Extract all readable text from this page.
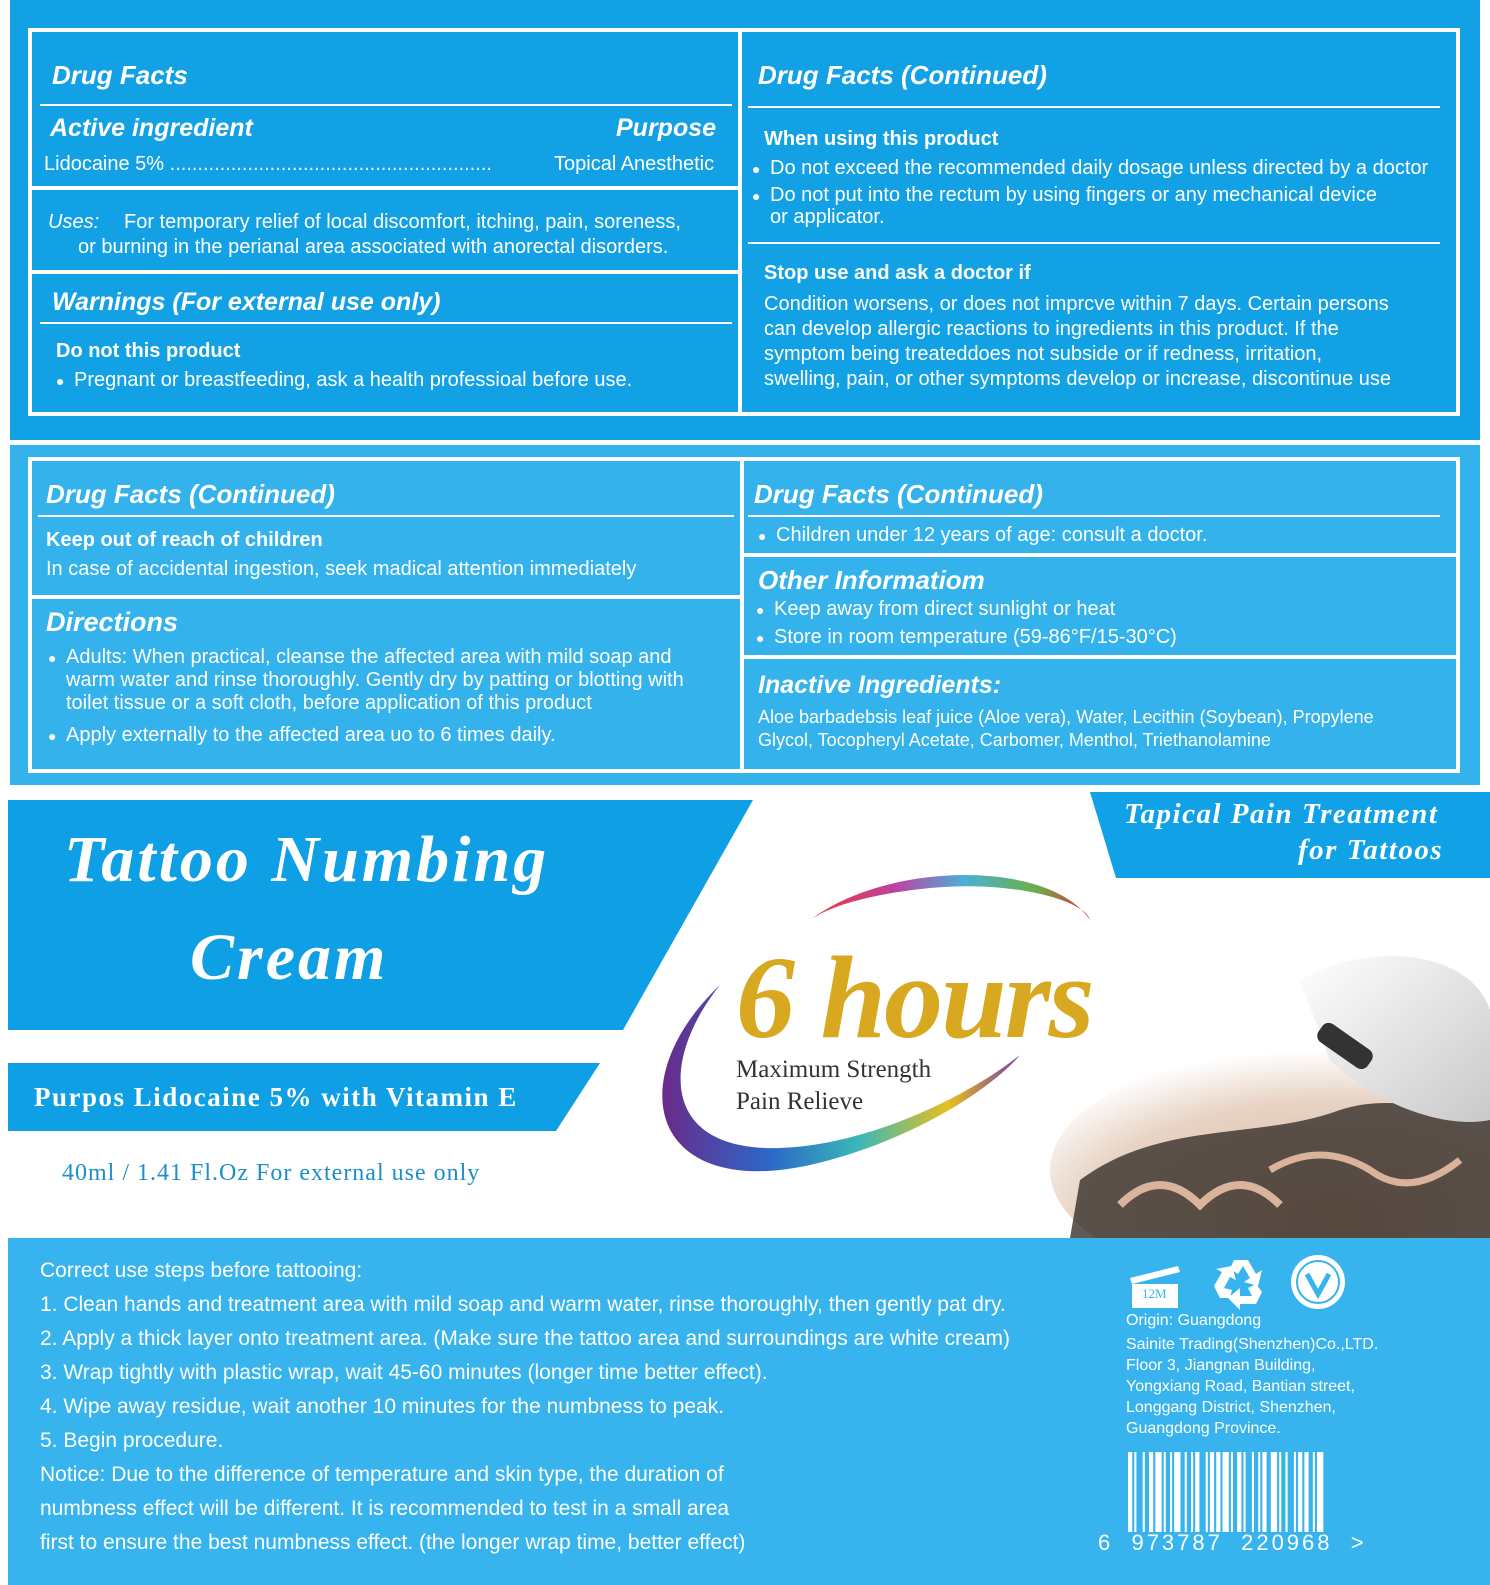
Drug Facts
Active ingredient	Purpose
Lidocaine 5% ..........................................................	Topical Anesthetic
Uses: For temporary relief of local discomfort, itching, pain, soreness,
or burning in the perianal area associated with anorectal disorders.
Warnings (For external use only)
Do not this product
● Pregnant or breastfeeding, ask a health professioal before use.
Drug Facts (Continued)
When using this product
● Do not exceed the recommended daily dosage unless directed by a doctor
● Do not put into the rectum by using fingers or any mechanical device
or applicator.
Stop use and ask a doctor if
Condition worsens, or does not imprcve within 7 days. Certain persons
can develop allergic reactions to ingredients in this product. If the
symptom being treateddoes not subside or if redness, irritation,
swelling, pain, or other symptoms develop or increase, discontinue use
Drug Facts (Continued)
Keep out of reach of children
In case of accidental ingestion, seek madical attention immediately
Directions
● Adults: When practical, cleanse the affected area with mild soap and
warm water and rinse thoroughly. Gently dry by patting or blotting with
toilet tissue or a soft cloth, before application of this product
● Apply externally to the affected area uo to 6 times daily.
Drug Facts (Continued)
● Children under 12 years of age: consult a doctor.
Other Informatiom
● Keep away from direct sunlight or heat
● Store in room temperature (59-86°F/15-30°C)
Inactive Ingredients:
Aloe barbadebsis leaf juice (Aloe vera), Water, Lecithin (Soybean), Propylene
Glycol, Tocopheryl Acetate, Carbomer, Menthol, Triethanolamine
Tattoo Numbing
Cream
Tapical Pain Treatment
for Tattoos
Purpos Lidocaine 5% with Vitamin E
40ml / 1.41 Fl.Oz For external use only
6 hours
Maximum Strength
Pain Relieve
Correct use steps before tattooing:
1. Clean hands and treatment area with mild soap and warm water, rinse thoroughly, then gently pat dry.
2. Apply a thick layer onto treatment area. (Make sure the tattoo area and surroundings are white cream)
3. Wrap tightly with plastic wrap, wait 45-60 minutes (longer time better effect).
4. Wipe away residue, wait another 10 minutes for the numbness to peak.
5. Begin procedure.
Notice: Due to the difference of temperature and skin type, the duration of
numbness effect will be different. It is recommended to test in a small area
first to ensure the best numbness effect. (the longer wrap time, better effect)
12M
Origin: Guangdong
Sainite Trading(Shenzhen)Co.,LTD.
Floor 3, Jiangnan Building,
Yongxiang Road, Bantian street,
Longgang District, Shenzhen,
Guangdong Province.
6  973787  220968  >
